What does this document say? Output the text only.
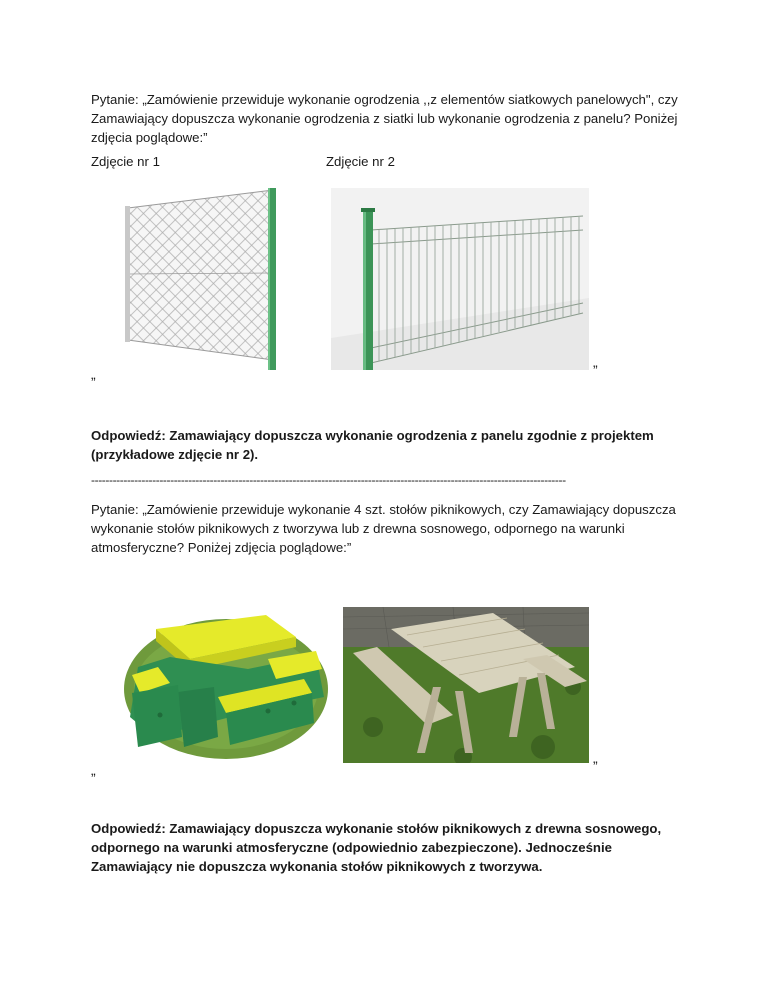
Pytanie: „Zamówienie przewiduje wykonanie ogrodzenia ,,z elementów siatkowych panelowych", czy Zamawiający dopuszcza wykonanie ogrodzenia z siatki lub wykonanie ogrodzenia z panelu? Poniżej zdjęcia poglądowe:”
Zdjęcie nr 1	Zdjęcie nr 2
„	”
Odpowiedź: Zamawiający dopuszcza wykonanie ogrodzenia z panelu zgodnie z projektem (przykładowe zdjęcie nr 2).
------------------------------------------------------------------------------------------------------------------------------------
Pytanie: „Zamówienie przewiduje wykonanie 4 szt. stołów piknikowych, czy Zamawiający dopuszcza wykonanie stołów piknikowych z tworzywa lub z drewna sosnowego, odpornego na warunki atmosferyczne? Poniżej zdjęcia poglądowe:”
„	”
Odpowiedź: Zamawiający dopuszcza wykonanie stołów piknikowych z drewna sosnowego, odpornego na warunki atmosferyczne (odpowiednio zabezpieczone). Jednocześnie Zamawiający nie dopuszcza wykonania stołów piknikowych z tworzywa.
